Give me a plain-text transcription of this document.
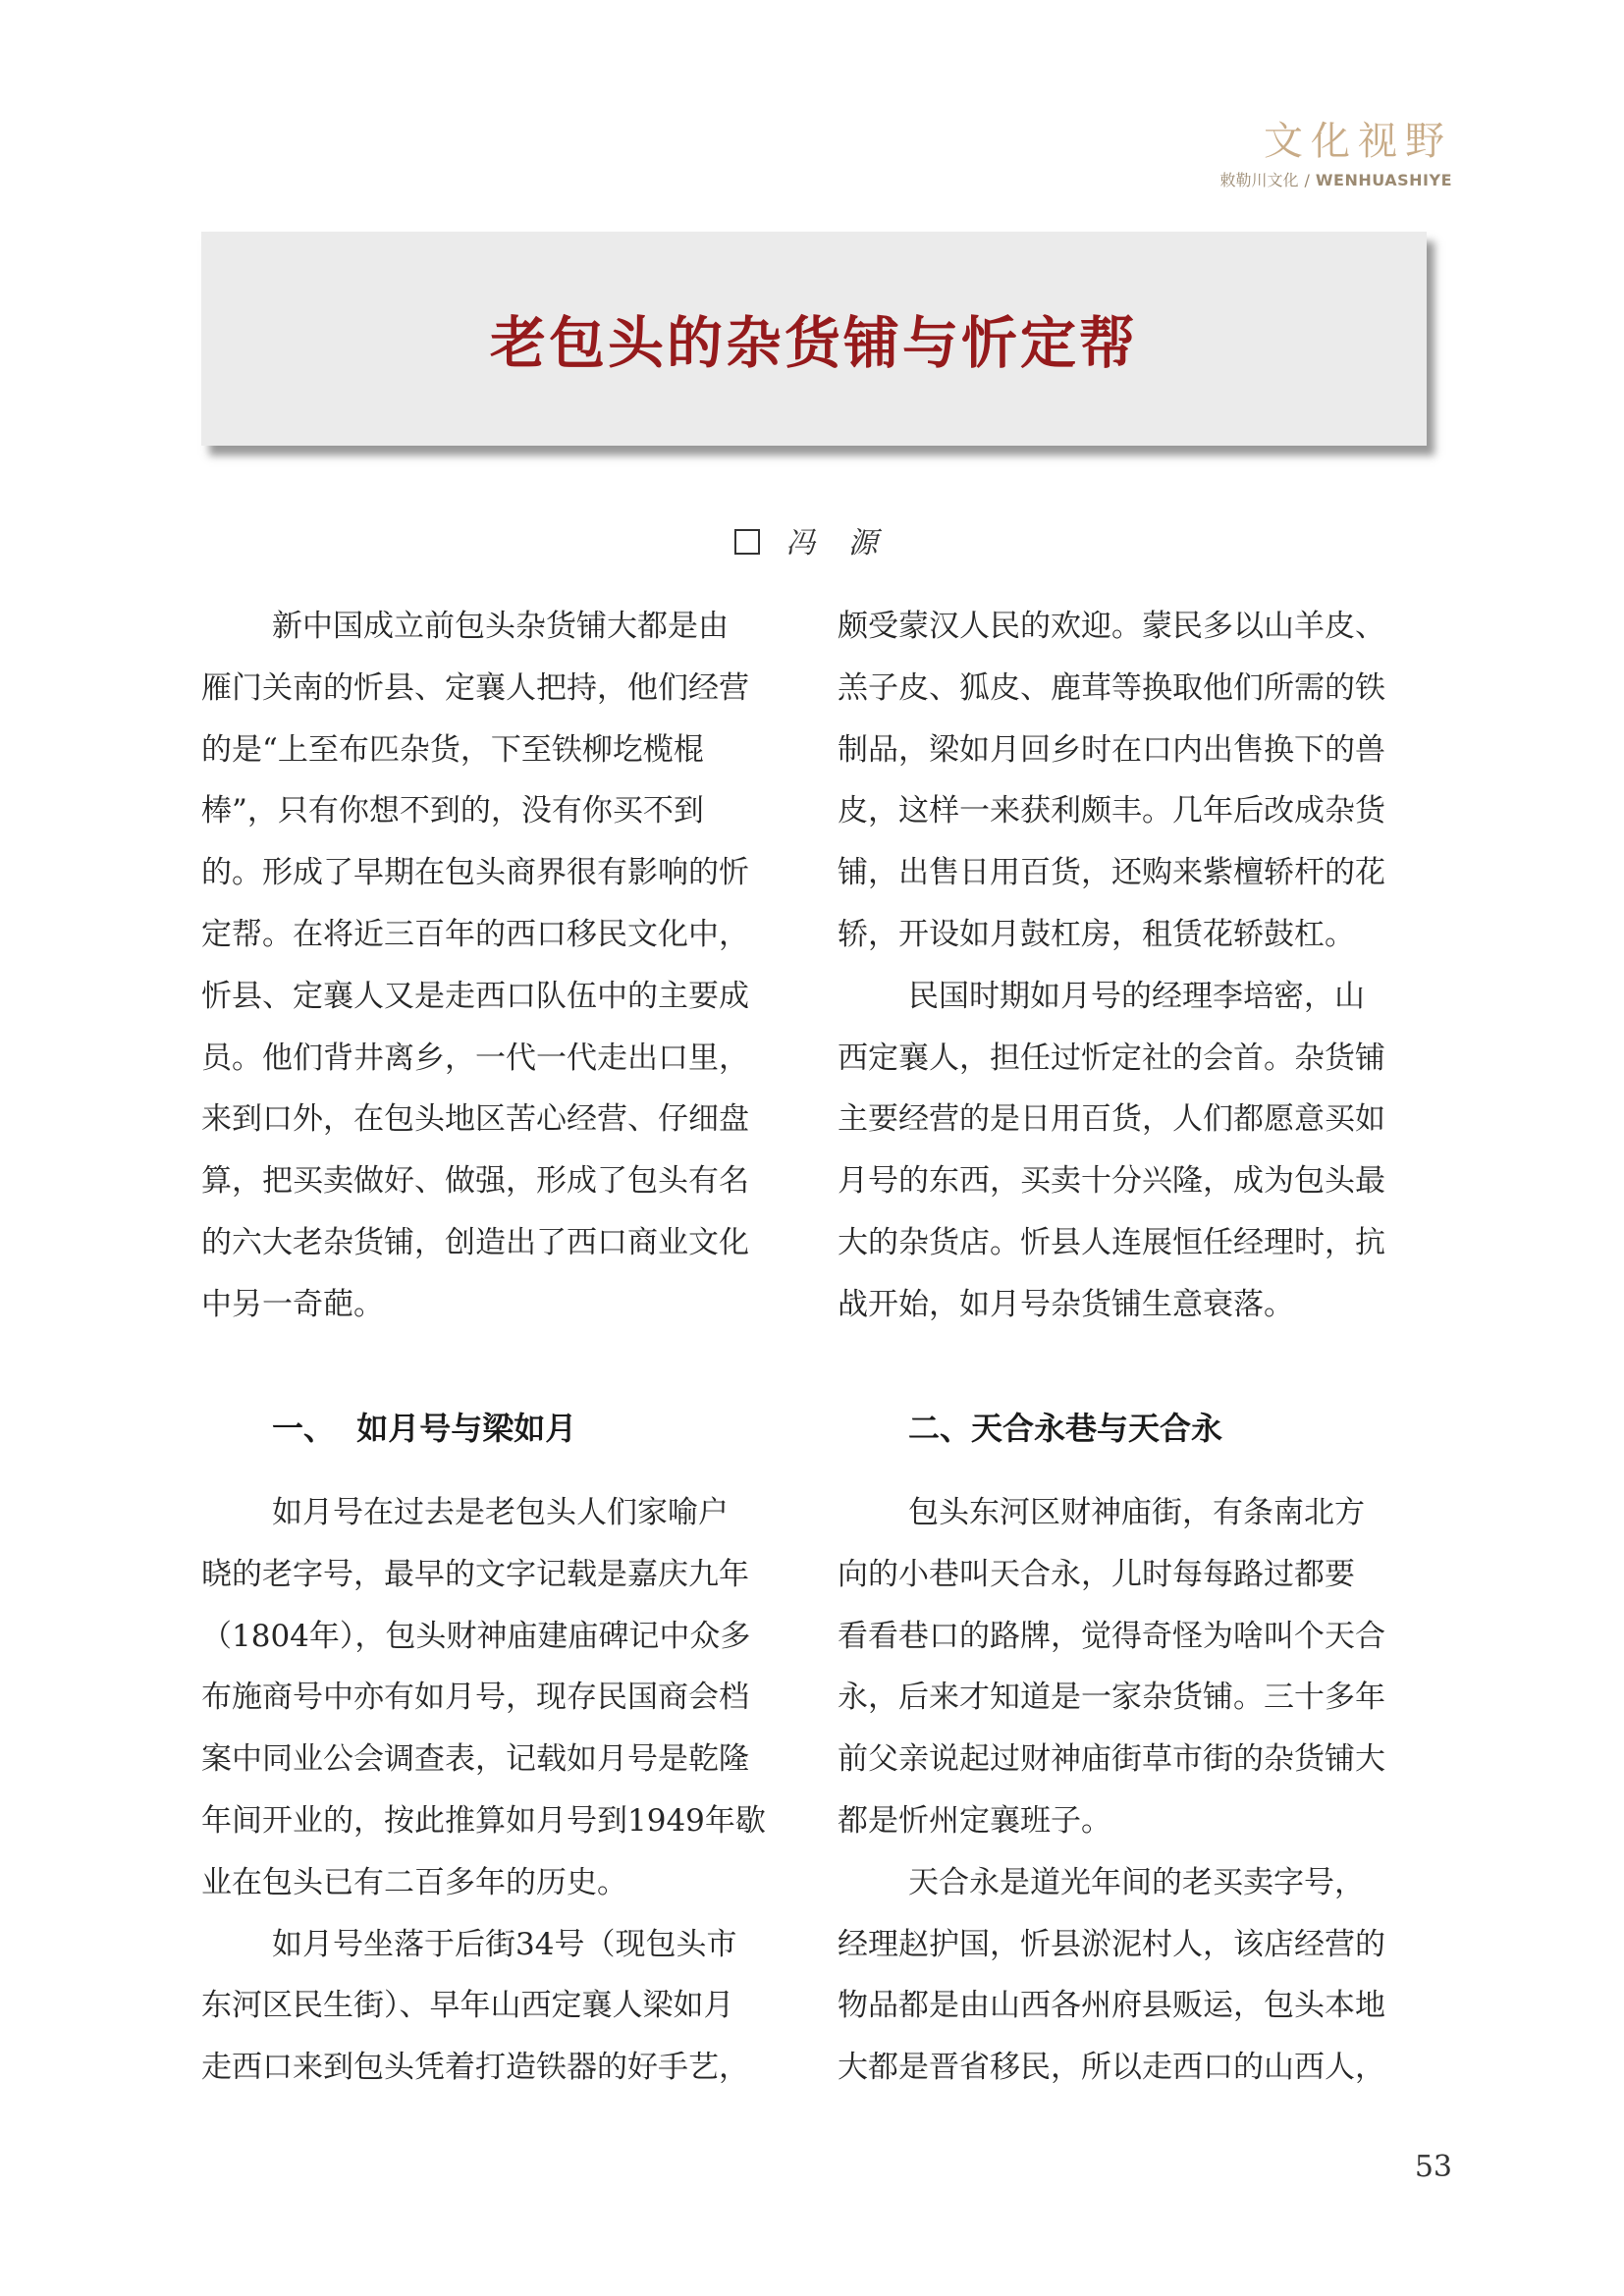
文化视野
敕勒川文化 / WENHUASHIYE
老包头的杂货铺与忻定帮
冯 源
新中国成立前包头杂货铺大都是由
雁门关南的忻县、定襄人把持，他们经营
的是“上至布匹杂货，下至铁柳圪榄棍
棒”，只有你想不到的，没有你买不到
的。形成了早期在包头商界很有影响的忻
定帮。在将近三百年的西口移民文化中，
忻县、定襄人又是走西口队伍中的主要成
员。他们背井离乡，一代一代走出口里，
来到口外，在包头地区苦心经营、仔细盘
算，把买卖做好、做强，形成了包头有名
的六大老杂货铺，创造出了西口商业文化
中另一奇葩。
颇受蒙汉人民的欢迎。蒙民多以山羊皮、
羔子皮、狐皮、鹿茸等换取他们所需的铁
制品，梁如月回乡时在口内出售换下的兽
皮，这样一来获利颇丰。几年后改成杂货
铺，出售日用百货，还购来紫檀轿杆的花
轿，开设如月鼓杠房，租赁花轿鼓杠。
民国时期如月号的经理李培密，山
西定襄人，担任过忻定社的会首。杂货铺
主要经营的是日用百货，人们都愿意买如
月号的东西，买卖十分兴隆，成为包头最
大的杂货店。忻县人连展恒任经理时，抗
战开始，如月号杂货铺生意衰落。
一、  如月号与梁如月	二、天合永巷与天合永
如月号在过去是老包头人们家喻户
晓的老字号，最早的文字记载是嘉庆九年
（1804年），包头财神庙建庙碑记中众多
布施商号中亦有如月号，现存民国商会档
案中同业公会调查表，记载如月号是乾隆
年间开业的，按此推算如月号到1949年歇
业在包头已有二百多年的历史。
如月号坐落于后街34号（现包头市
东河区民生街）、早年山西定襄人梁如月
走西口来到包头凭着打造铁器的好手艺，
包头东河区财神庙街，有条南北方
向的小巷叫天合永，儿时每每路过都要
看看巷口的路牌，觉得奇怪为啥叫个天合
永，后来才知道是一家杂货铺。三十多年
前父亲说起过财神庙街草市街的杂货铺大
都是忻州定襄班子。
天合永是道光年间的老买卖字号，
经理赵护国，忻县淤泥村人，该店经营的
物品都是由山西各州府县贩运，包头本地
大都是晋省移民，所以走西口的山西人，
53
